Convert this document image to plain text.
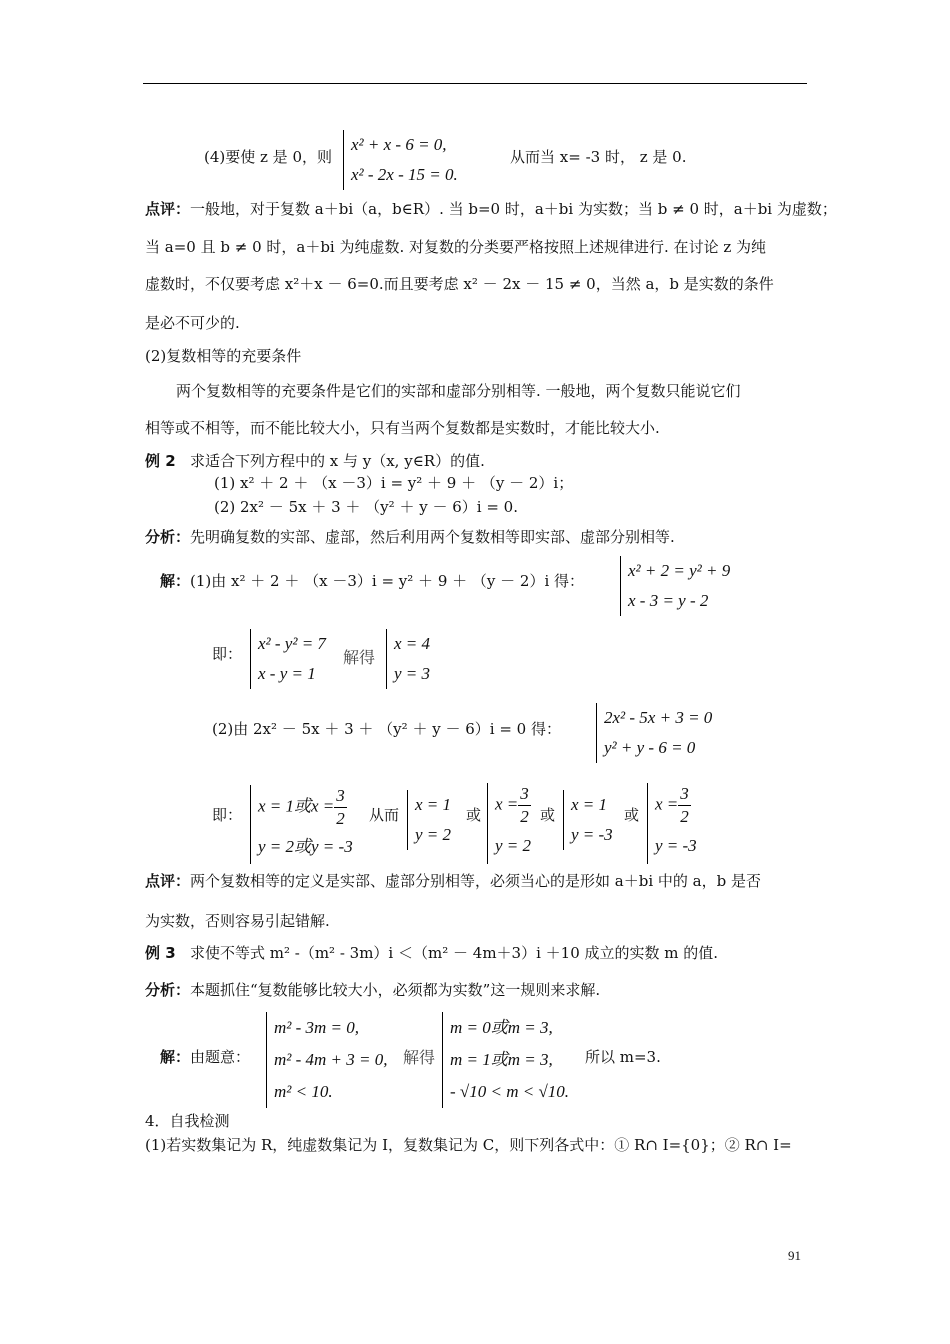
(4)要使 z 是 0，则
x² + x - 6 = 0,
x² - 2x - 15 = 0.
从而当 x= -3 时， z 是 0.
点评：一般地，对于复数 a＋bi（a，b∈R）. 当 b=0 时，a＋bi 为实数；当 b ≠ 0 时，a＋bi 为虚数；
当 a=0 且 b ≠ 0 时，a＋bi 为纯虚数. 对复数的分类要严格按照上述规律进行. 在讨论 z 为纯
虚数时，不仅要考虑 x²＋x － 6=0.而且要考虑 x² － 2x － 15 ≠ 0，当然 a，b 是实数的条件
是必不可少的.
(2)复数相等的充要条件
两个复数相等的充要条件是它们的实部和虚部分别相等. 一般地，两个复数只能说它们
相等或不相等，而不能比较大小，只有当两个复数都是实数时，才能比较大小.
例 2 求适合下列方程中的 x 与 y（x, y∈R）的值.
(1) x² ＋ 2 ＋ （x －3）i = y² ＋ 9 ＋ （y － 2）i；
(2) 2x² － 5x ＋ 3 ＋ （y² ＋ y － 6）i = 0.
分析：先明确复数的实部、虚部，然后利用两个复数相等即实部、虚部分别相等.
解：(1)由 x² ＋ 2 ＋ （x －3）i = y² ＋ 9 ＋ （y － 2）i 得：
x² + 2 = y² + 9
x - 3 = y - 2
即：
x² - y² = 7
x - y = 1
解得
x = 4
y = 3
(2)由 2x² － 5x ＋ 3 ＋ （y² ＋ y － 6）i = 0 得：
2x² - 5x + 3 = 0
y² + y - 6 = 0
即： x = 1或$x = \frac{3}{2}$
y = 2或y = -3
从而
x = 1
y = 2
或
$x = \frac{3}{2}$
y = 2
或
x = 1
y = -3
或
$x = \frac{3}{2}$
y = -3
点评：两个复数相等的定义是实部、虚部分别相等，必须当心的是形如 a＋bi 中的 a，b 是否
为实数，否则容易引起错解.
例 3 求使不等式 m² -（m² - 3m）i ＜（m² － 4m＋3）i ＋10 成立的实数 m 的值.
分析：本题抓住“复数能够比较大小，必须都为实数”这一规则来求解.
解：由题意：
m² - 3m = 0,
m² - 4m + 3 = 0,
m² < 10.
解得
m = 0或m = 3,
m = 1或m = 3,
- √10 < m < √10.
所以 m=3.
4．自我检测
(1)若实数集记为 R，纯虚数集记为 I，复数集记为 C，则下列各式中：① R∩ I={0}；② R∩ I=
91
